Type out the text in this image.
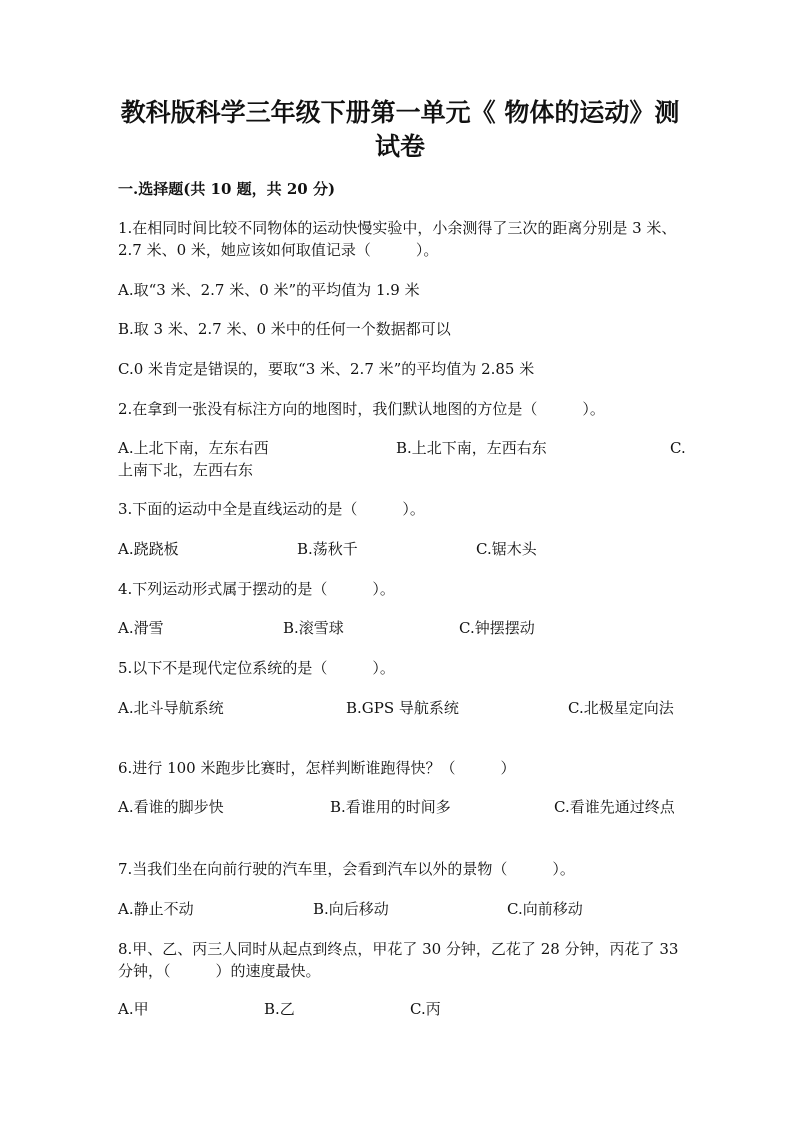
教科版科学三年级下册第一单元《 物体的运动》测试卷
一.选择题(共 10 题，共 20 分)
1.在相同时间比较不同物体的运动快慢实验中，小余测得了三次的距离分别是 3 米、2.7 米、0 米，她应该如何取值记录（　　　）。
A.取“3 米、2.7 米、0 米”的平均值为 1.9 米
B.取 3 米、2.7 米、0 米中的任何一个数据都可以
C.0 米肯定是错误的，要取“3 米、2.7 米”的平均值为 2.85 米
2.在拿到一张没有标注方向的地图时，我们默认地图的方位是（　　　）。
A.上北下南，左东右西	B.上北下南，左西右东	C.上南下北，左西右东
3.下面的运动中全是直线运动的是（　　　）。
A.跷跷板	B.荡秋千	C.锯木头
4.下列运动形式属于摆动的是（　　　）。
A.滑雪	B.滚雪球	C.钟摆摆动
5.以下不是现代定位系统的是（　　　）。
A.北斗导航系统	B.GPS 导航系统	C.北极星定向法
6.进行 100 米跑步比赛时，怎样判断谁跑得快？（　　　）
A.看谁的脚步快	B.看谁用的时间多	C.看谁先通过终点
7.当我们坐在向前行驶的汽车里，会看到汽车以外的景物（　　　）。
A.静止不动	B.向后移动	C.向前移动
8.甲、乙、丙三人同时从起点到终点，甲花了 30 分钟，乙花了 28 分钟，丙花了 33 分钟，（　　　）的速度最快。
A.甲	B.乙	C.丙
